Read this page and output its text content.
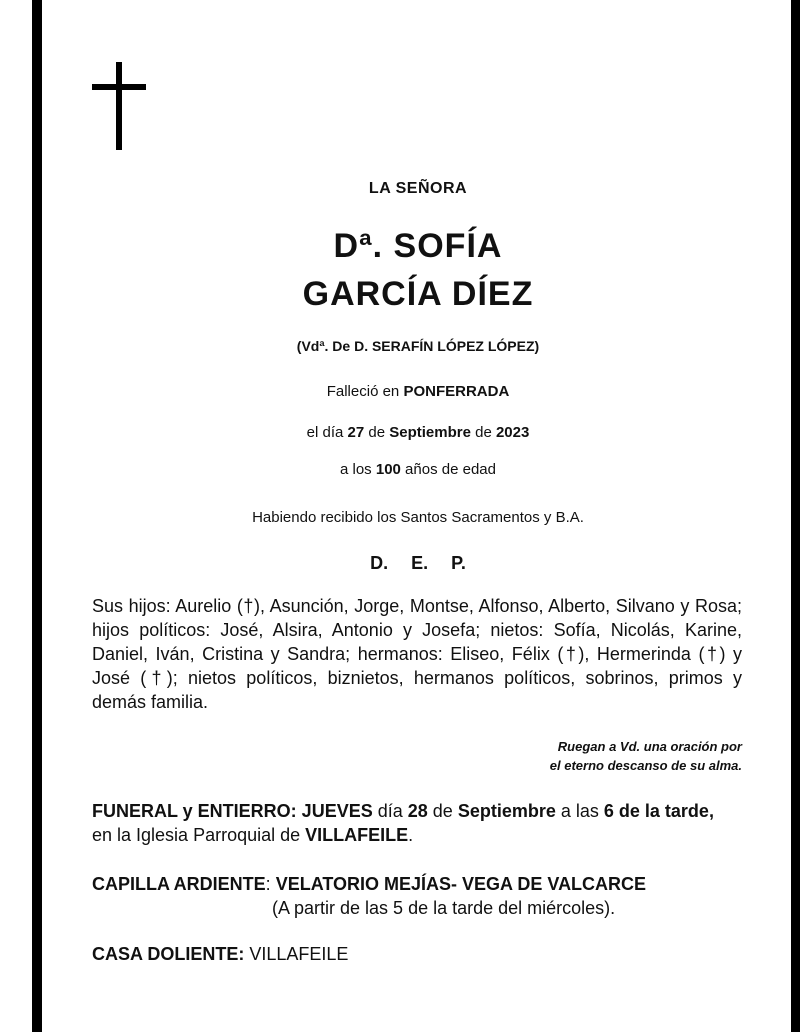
LA SEÑORA
Dª. SOFÍA
GARCÍA DÍEZ
(Vdª. De D. SERAFÍN LÓPEZ LÓPEZ)
Falleció en PONFERRADA
el día 27 de Septiembre de 2023
a los 100 años de edad
Habiendo recibido los Santos Sacramentos y B.A.
D. E. P.

Sus hijos: Aurelio (†), Asunción, Jorge, Montse, Alfonso, Alberto, Silvano y Rosa; hijos políticos: José, Alsira, Antonio y Josefa; nietos: Sofía, Nicolás, Karine, Daniel, Iván, Cristina y Sandra; hermanos: Eliseo, Félix (†), Hermerinda (†) y José (†); nietos políticos, biznietos, hermanos políticos, sobrinos, primos y demás familia.

Ruegan a Vd. una oración por
el eterno descanso de su alma.
FUNERAL y ENTIERRO: JUEVES día 28 de Septiembre a las 6 de la tarde,
en la Iglesia Parroquial de VILLAFEILE.
CAPILLA ARDIENTE: VELATORIO MEJÍAS- VEGA DE VALCARCE
(A partir de las 5 de la tarde del miércoles).
CASA DOLIENTE: VILLAFEILE
